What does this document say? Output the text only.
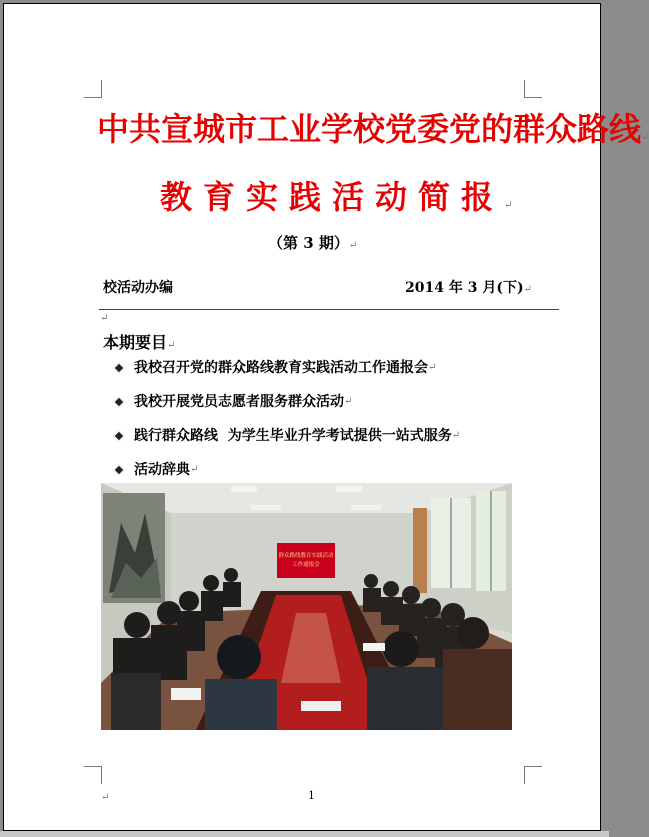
中共宣城市工业学校党委党的群众路线↵
教育实践活动简报↵
（第 3 期）↵
校活动办编	2014 年 3 月(下)↵
↵
本期要目↵
我校召开党的群众路线教育实践活动工作通报会 ↵
我校开展党员志愿者服务群众活动 ↵
践行群众路线  为学生毕业升学考试提供一站式服务 ↵
活动辞典 ↵
群众路线教育实践活动
工作通报会
↵	1
